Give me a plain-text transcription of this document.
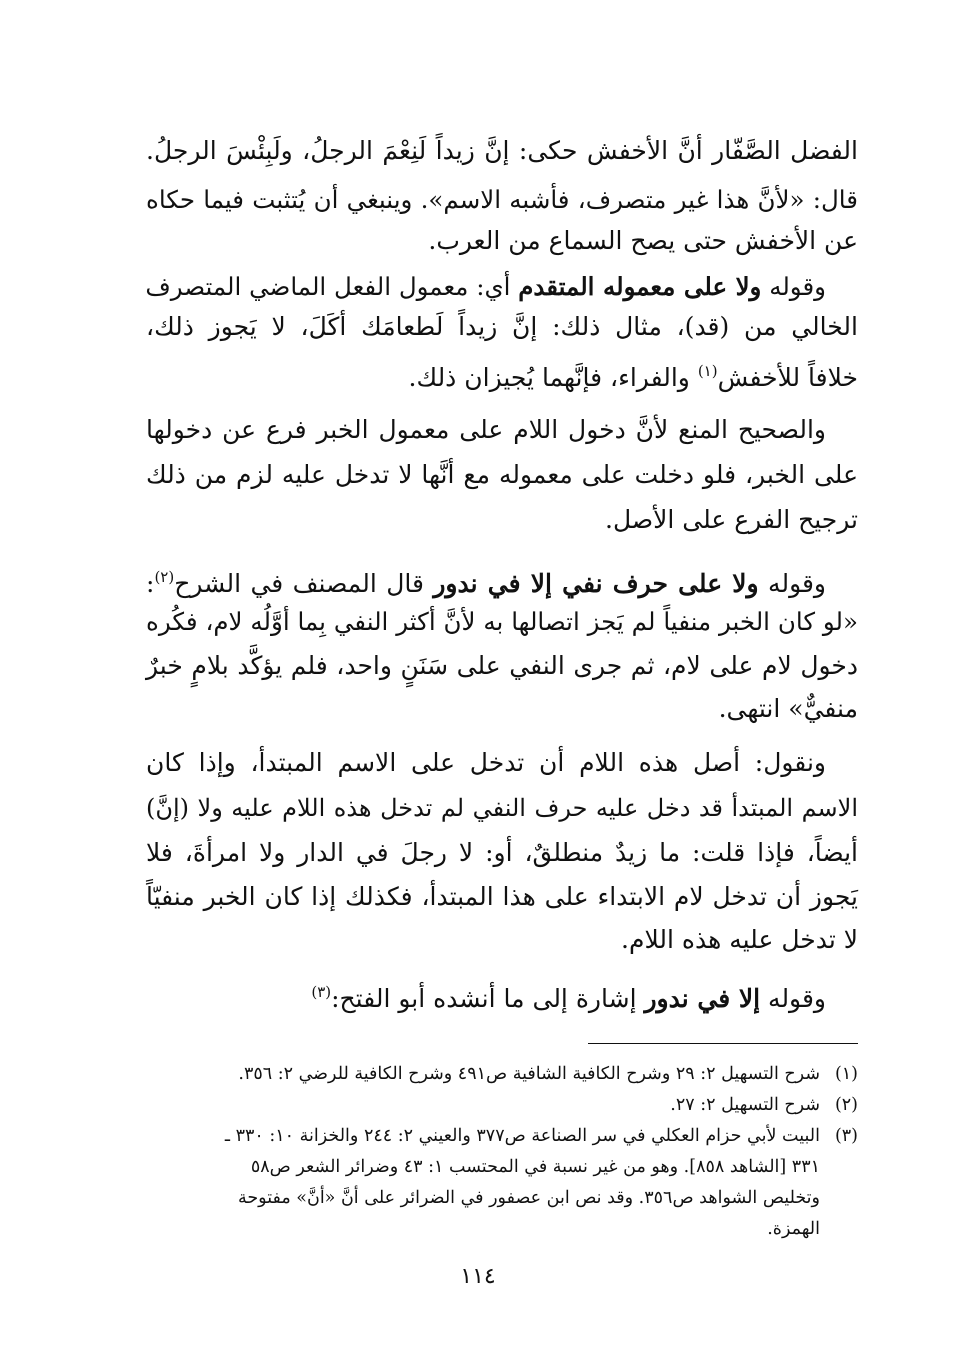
الفضل الصَّفّار أنَّ الأخفش حكى: إنَّ زيداً لَنِعْمَ الرجلُ، ولَبِئْسَ الرجلُ.
قال: «لأنَّ هذا غير متصرف، فأشبه الاسم». وينبغي أن يُتثبت فيما حكاه
عن الأخفش حتى يصح السماع من العرب.
وقوله ولا على معموله المتقدم أي: معمول الفعل الماضي المتصرف
الخالي من (قد)، مثال ذلك: إنَّ زيداً لَطعامَك أكَلَ، لا يَجوز ذلك،
خلافاً للأخفش$^{(١)}$ والفراء، فإنَّهما يُجيزان ذلك.
والصحيح المنع لأنَّ دخول اللام على معمول الخبر فرع عن دخولها
على الخبر، فلو دخلت على معموله مع أنَّها لا تدخل عليه لزم من ذلك
ترجيح الفرع على الأصل.
وقوله ولا على حرف نفي إلا في ندور قال المصنف في الشرح$^{(٢)}$:
«لو كان الخبر منفياً لم يَجز اتصالها به لأنَّ أكثر النفي بِما أوَّلُه لام، فكُره
دخول لام على لام، ثم جرى النفي على سَنَنٍ واحد، فلم يؤكَّد بلامٍ خبرٌ
منفيٌّ» انتهى.
ونقول: أصل هذه اللام أن تدخل على الاسم المبتدأ، وإذا كان
الاسم المبتدأ قد دخل عليه حرف النفي لم تدخل هذه اللام عليه ولا (إنَّ)
أيضاً، فإذا قلت: ما زيدٌ منطلقٌ، أو: لا رجلَ في الدار ولا امرأةَ، فلا
يَجوز أن تدخل لام الابتداء على هذا المبتدأ، فكذلك إذا كان الخبر منفيّاً
لا تدخل عليه هذه اللام.
وقوله إلا في ندور إشارة إلى ما أنشده أبو الفتح:$^{(٣)}$
(١)شرح التسهيل ٢: ٢٩ وشرح الكافية الشافية ص٤٩١ وشرح الكافية للرضي ٢: ٣٥٦.
(٢)شرح التسهيل ٢: ٢٧.
(٣)البيت لأبي حزام العكلي في سر الصناعة ص٣٧٧ والعيني ٢: ٢٤٤ والخزانة ١٠: ٣٣٠ ـ
٣٣١ [الشاهد ٨٥٨]. وهو من غير نسبة في المحتسب ١: ٤٣ وضرائر الشعر ص٥٨
وتخليص الشواهد ص٣٥٦. وقد نص ابن عصفور في الضرائر على أنَّ «أنَّ» مفتوحة
الهمزة.
١١٤
